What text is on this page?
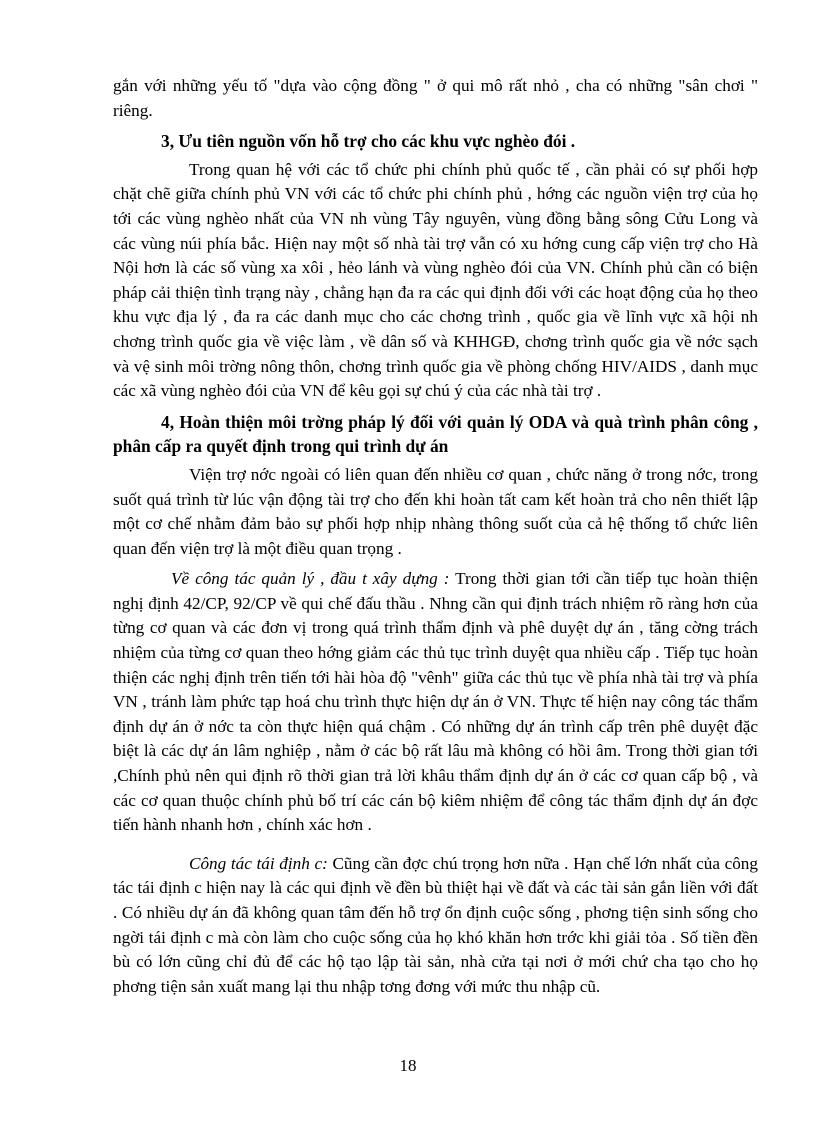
gắn với những yếu tố "dựa vào cộng đồng " ở qui mô rất nhỏ , cha có những "sân chơi " riêng.

3, Ưu tiên nguồn vốn hỗ trợ cho các khu vực nghèo đói .

Trong quan hệ với các tổ chức phi chính phủ quốc tế , cần phải có sự phối hợp chặt chẽ giữa chính phủ VN với các tổ chức phi chính phủ , hớng các nguồn viện trợ của họ tới các vùng nghèo nhất của VN nh vùng Tây nguyên, vùng đồng bằng sông Cửu Long và các vùng núi phía bắc. Hiện nay một số nhà tài trợ vẫn có xu hớng cung cấp viện trợ cho Hà Nội hơn là các số vùng xa xôi , hẻo lánh và vùng nghèo đói của VN. Chính phủ cần có biện pháp cải thiện tình trạng này , chẳng hạn đa ra các qui định đối với các hoạt động của họ theo khu vực địa lý , đa ra các danh mục cho các chơng trình , quốc gia về lĩnh vực xã hội nh chơng trình quốc gia về việc làm , về dân số và KHHGĐ, chơng trình quốc gia về nớc sạch và vệ sinh môi trờng nông thôn, chơng trình quốc gia về phòng chống HIV/AIDS , danh mục các xã vùng nghèo đói của VN để kêu gọi sự chú ý của các nhà tài trợ .

4, Hoàn thiện môi trờng pháp lý đối với quản lý ODA và quà trình phân công , phân cấp ra quyết định trong qui trình dự án

Viện trợ nớc ngoài có liên quan đến nhiều cơ quan , chức năng ở trong nớc, trong suốt quá trình từ lúc vận động tài trợ cho đến khi hoàn tất cam kết hoàn trả cho nên thiết lập một cơ chế nhằm đảm bảo sự phối hợp nhịp nhàng thông suốt của cả hệ thống tổ chức liên quan đến viện trợ là một điều quan trọng .

Về công tác quản lý , đầu t xây dựng : Trong thời gian tới cần tiếp tục hoàn thiện nghị định 42/CP, 92/CP về qui chế đấu thầu . Nhng cần qui định trách nhiệm rõ ràng hơn của từng cơ quan và các đơn vị trong quá trình thẩm định và phê duyệt dự án , tăng cờng trách nhiệm của từng cơ quan theo hớng giảm các thủ tục trình duyệt qua nhiều cấp . Tiếp tục hoàn thiện các nghị định trên tiến tới hài hòa độ "vênh" giữa các thủ tục về phía nhà tài trợ và phía VN , tránh làm phức tạp hoá chu trình thực hiện dự án ở VN. Thực tế hiện nay công tác thẩm định dự án ở nớc ta còn thực hiện quá chậm . Có những dự án trình cấp trên phê duyệt đặc biệt là các dự án lâm nghiệp , nằm ở các bộ rất lâu mà không có hồi âm. Trong thời gian tới ,Chính phủ nên qui định rõ thời gian trả lời khâu thẩm định dự án ở các cơ quan cấp bộ , và các cơ quan thuộc chính phủ bố trí các cán bộ kiêm nhiệm để công tác thẩm định dự án đợc tiến hành nhanh hơn , chính xác hơn .

Công tác tái định c: Cũng cần đợc chú trọng hơn nữa . Hạn chế lớn nhất của công tác tái định c hiện nay là các qui định về đền bù thiệt hại về đất và các tài sản gắn liền với đất . Có nhiều dự án đã không quan tâm đến hỗ trợ ổn định cuộc sống , phơng tiện sinh sống cho ngời tái định c mà còn làm cho cuộc sống của họ khó khăn hơn trớc khi giải tỏa . Số tiền đền bù có lớn cũng chỉ đủ để các hộ tạo lập tài sản, nhà cửa tại nơi ở mới chứ cha tạo cho họ phơng tiện sản xuất mang lại thu nhập tơng đơng với mức thu nhập cũ.

18
